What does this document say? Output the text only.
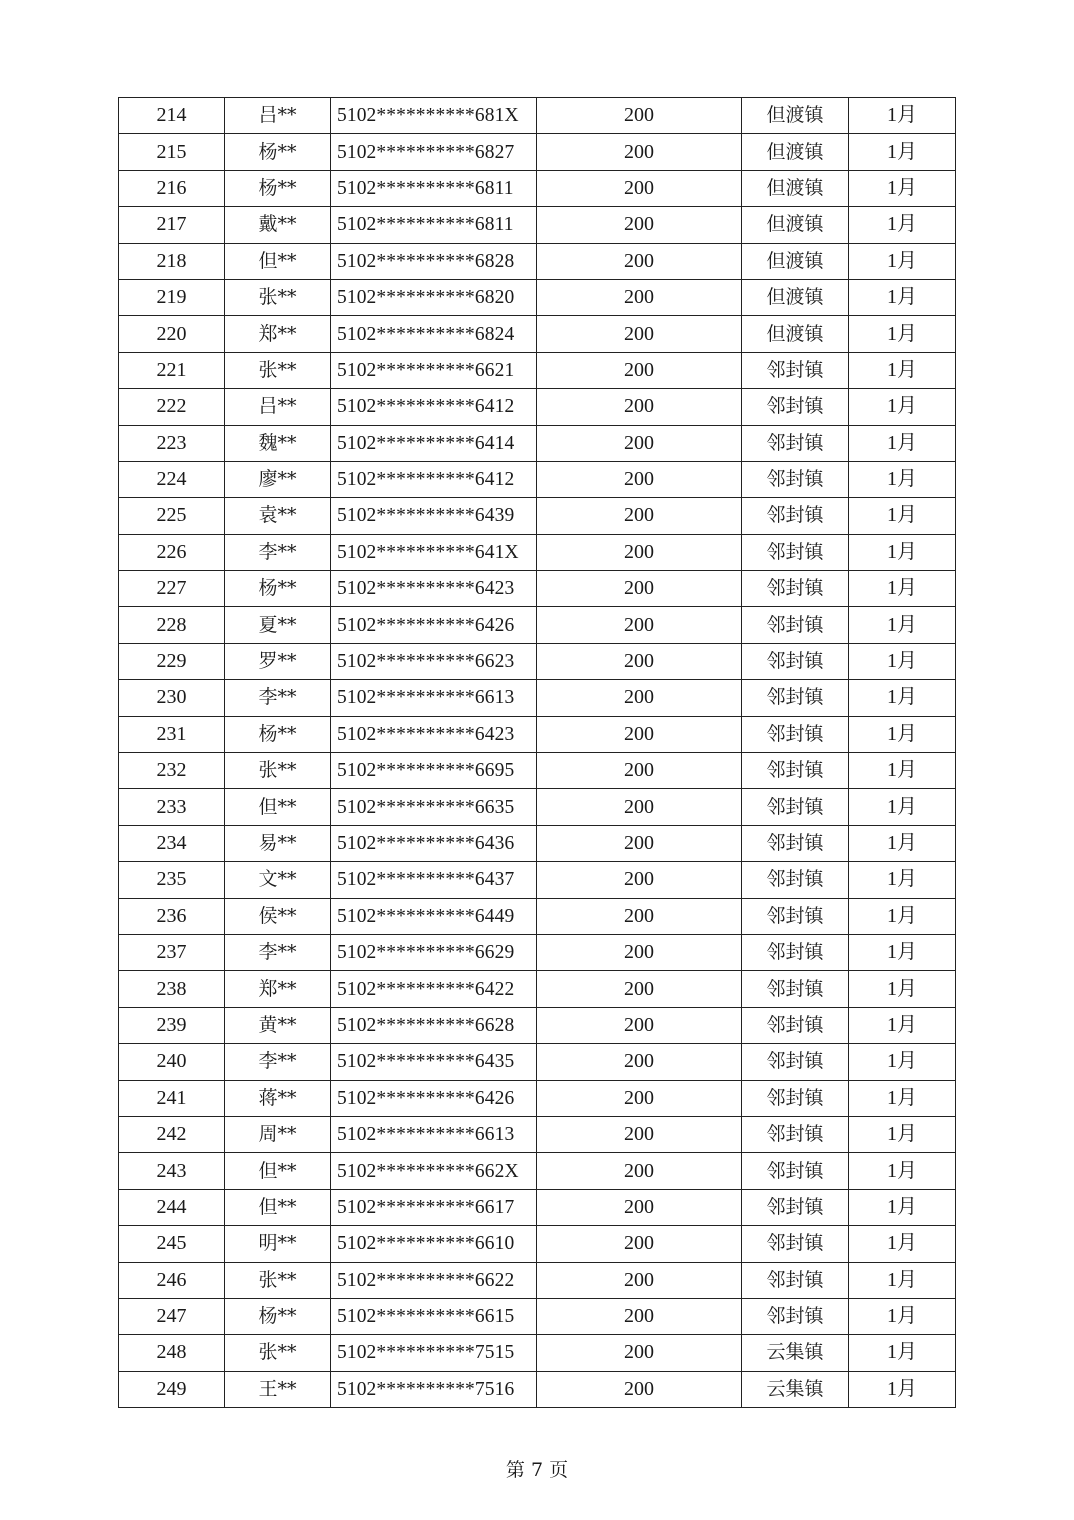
214	吕**	5102**********681X	200	但渡镇	1月
215	杨**	5102**********6827	200	但渡镇	1月
216	杨**	5102**********6811	200	但渡镇	1月
217	戴**	5102**********6811	200	但渡镇	1月
218	但**	5102**********6828	200	但渡镇	1月
219	张**	5102**********6820	200	但渡镇	1月
220	郑**	5102**********6824	200	但渡镇	1月
221	张**	5102**********6621	200	邻封镇	1月
222	吕**	5102**********6412	200	邻封镇	1月
223	魏**	5102**********6414	200	邻封镇	1月
224	廖**	5102**********6412	200	邻封镇	1月
225	袁**	5102**********6439	200	邻封镇	1月
226	李**	5102**********641X	200	邻封镇	1月
227	杨**	5102**********6423	200	邻封镇	1月
228	夏**	5102**********6426	200	邻封镇	1月
229	罗**	5102**********6623	200	邻封镇	1月
230	李**	5102**********6613	200	邻封镇	1月
231	杨**	5102**********6423	200	邻封镇	1月
232	张**	5102**********6695	200	邻封镇	1月
233	但**	5102**********6635	200	邻封镇	1月
234	易**	5102**********6436	200	邻封镇	1月
235	文**	5102**********6437	200	邻封镇	1月
236	侯**	5102**********6449	200	邻封镇	1月
237	李**	5102**********6629	200	邻封镇	1月
238	郑**	5102**********6422	200	邻封镇	1月
239	黄**	5102**********6628	200	邻封镇	1月
240	李**	5102**********6435	200	邻封镇	1月
241	蒋**	5102**********6426	200	邻封镇	1月
242	周**	5102**********6613	200	邻封镇	1月
243	但**	5102**********662X	200	邻封镇	1月
244	但**	5102**********6617	200	邻封镇	1月
245	明**	5102**********6610	200	邻封镇	1月
246	张**	5102**********6622	200	邻封镇	1月
247	杨**	5102**********6615	200	邻封镇	1月
248	张**	5102**********7515	200	云集镇	1月
249	王**	5102**********7516	200	云集镇	1月
第 7 页
